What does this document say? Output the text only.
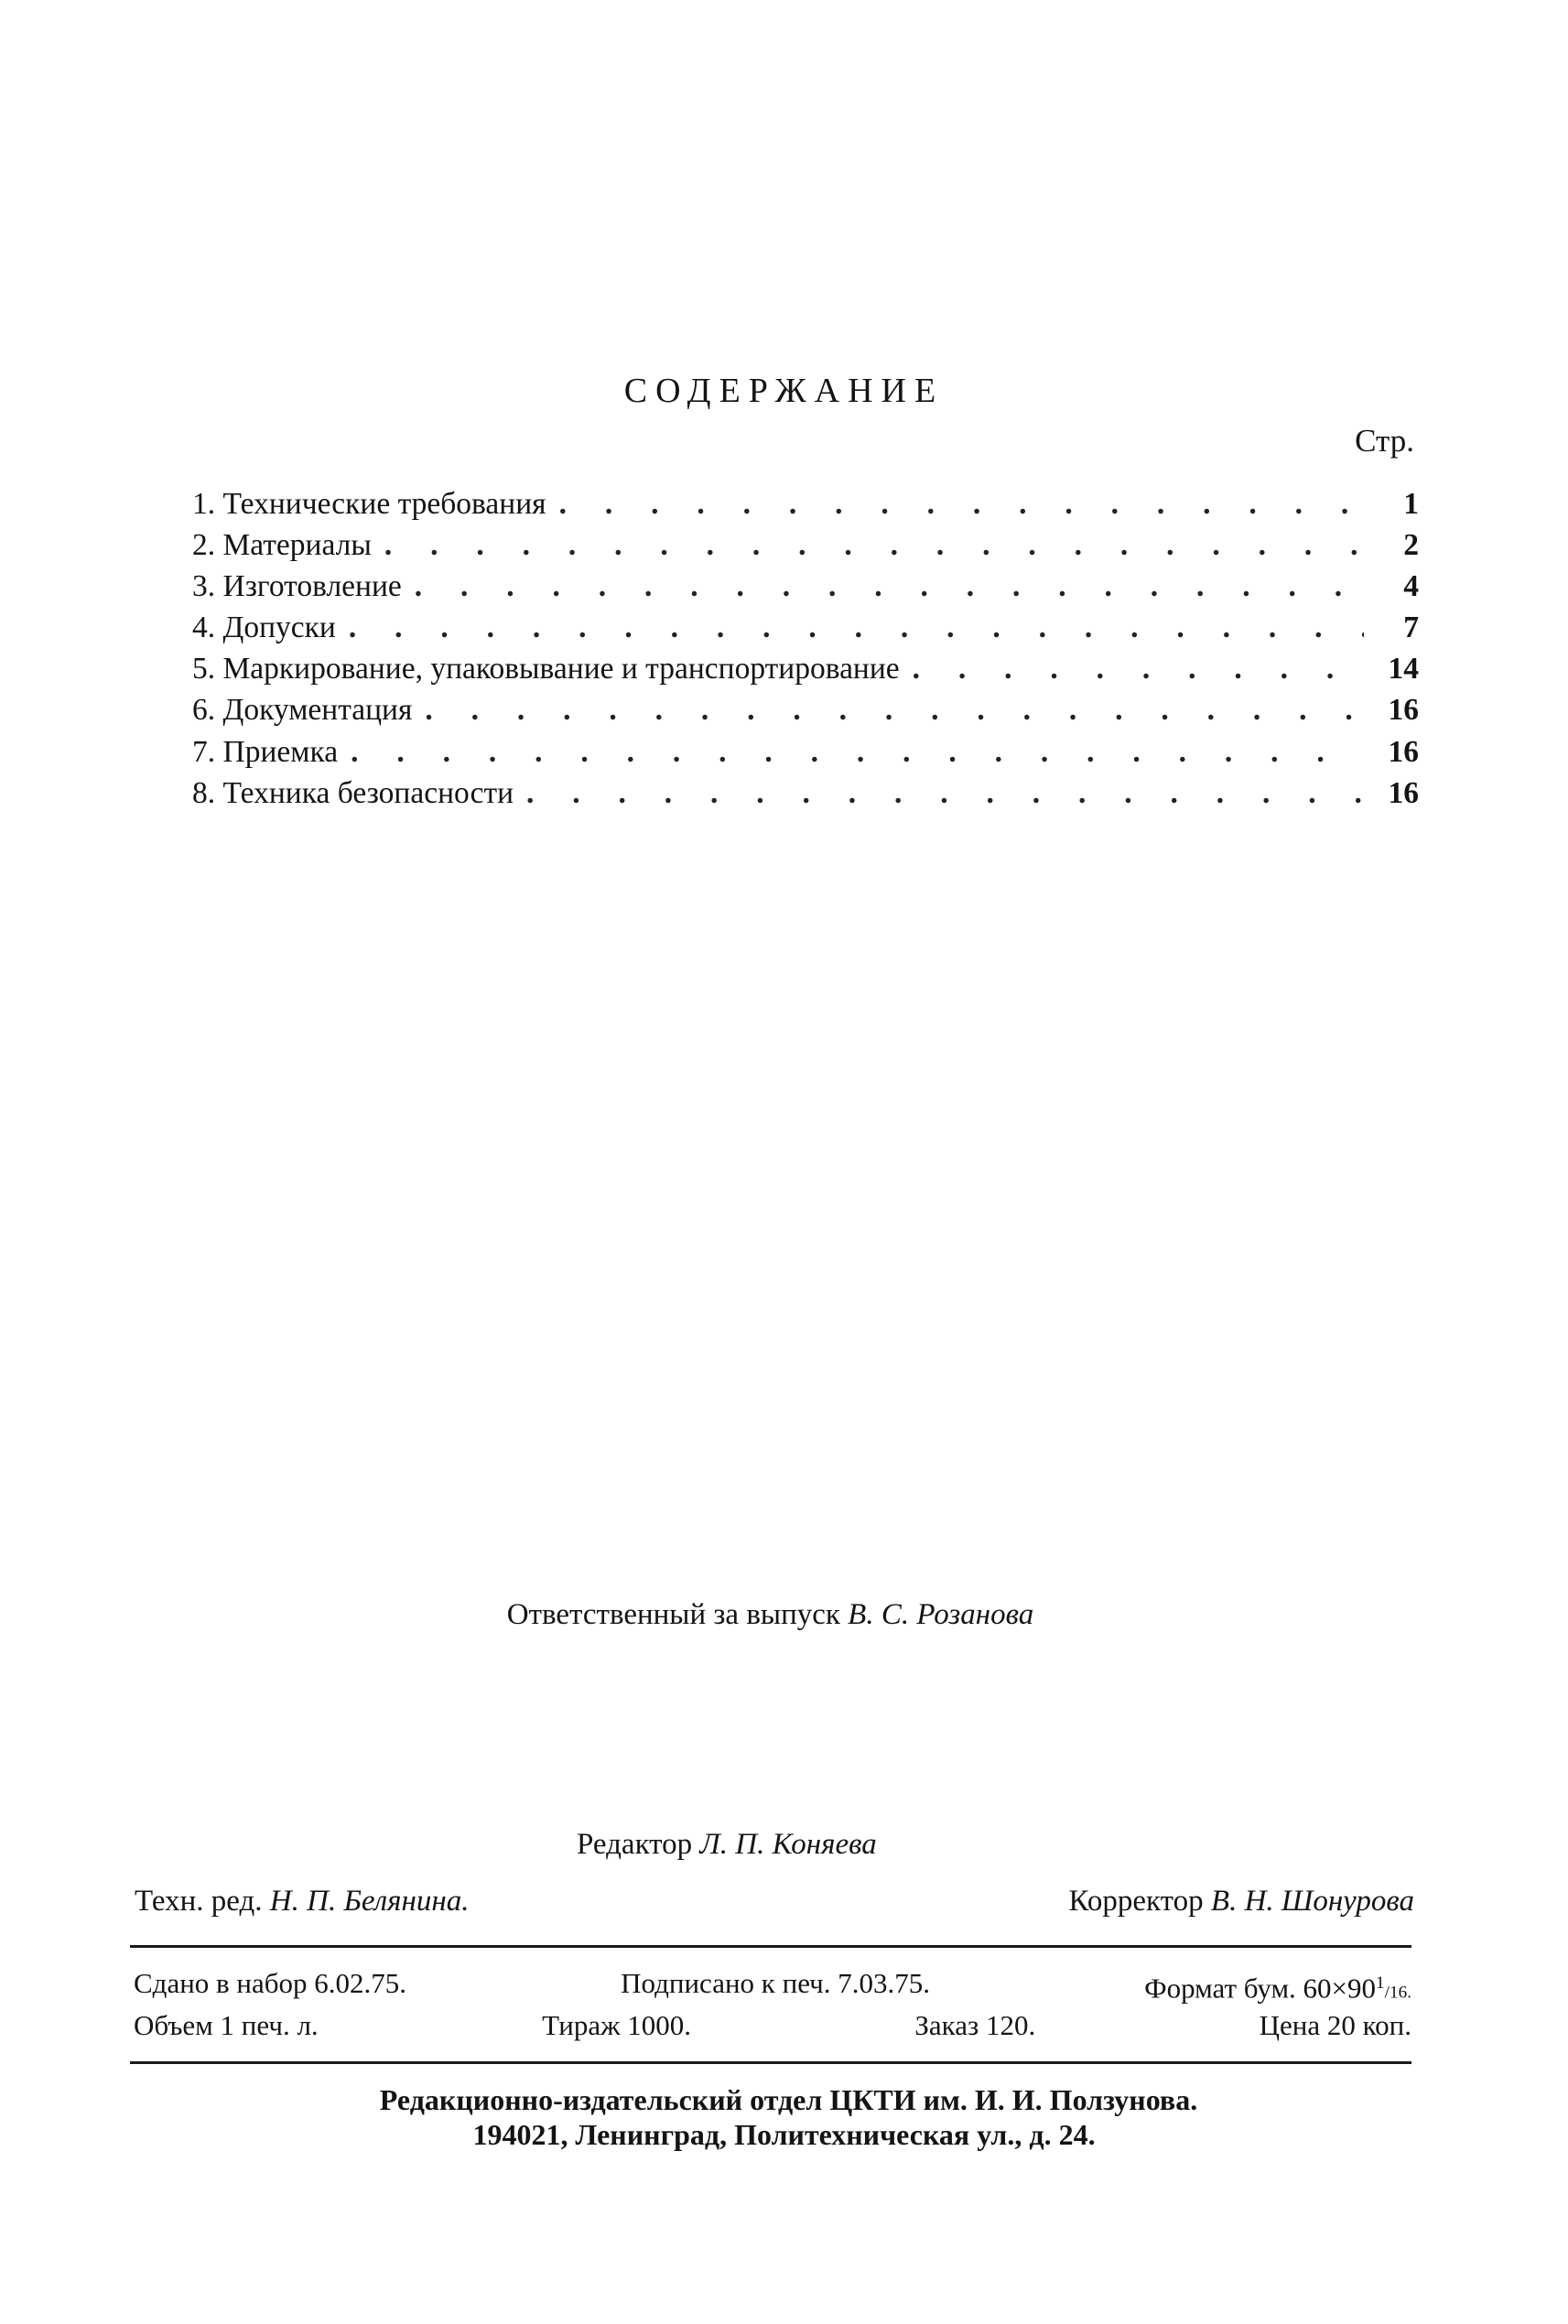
СОДЕРЖАНИЕ
Стр.
1. Технические требования .	1
2. Материалы .	2
3. Изготовление .	4
4. Допуски .	7
5. Маркирование, упаковывание и транспортирование .	14
6. Документация .	16
7. Приемка .	16
8. Техника безопасности .	16
Ответственный за выпуск В. С. Розанова
Редактор Л. П. Коняева
Техн. ред. Н. П. Белянина.	Корректор В. Н. Шонурова
Сдано в набор 6.02.75.	Подписано к печ. 7.03.75.	Формат бум. $60\times 90^1/16$.
Объем 1 печ. л.	Тираж 1000.	Заказ 120.	Цена 20 коп.
Редакционно-издательский отдел ЦКТИ им. И. И. Ползунова.
194021, Ленинград, Политехническая ул., д. 24.
